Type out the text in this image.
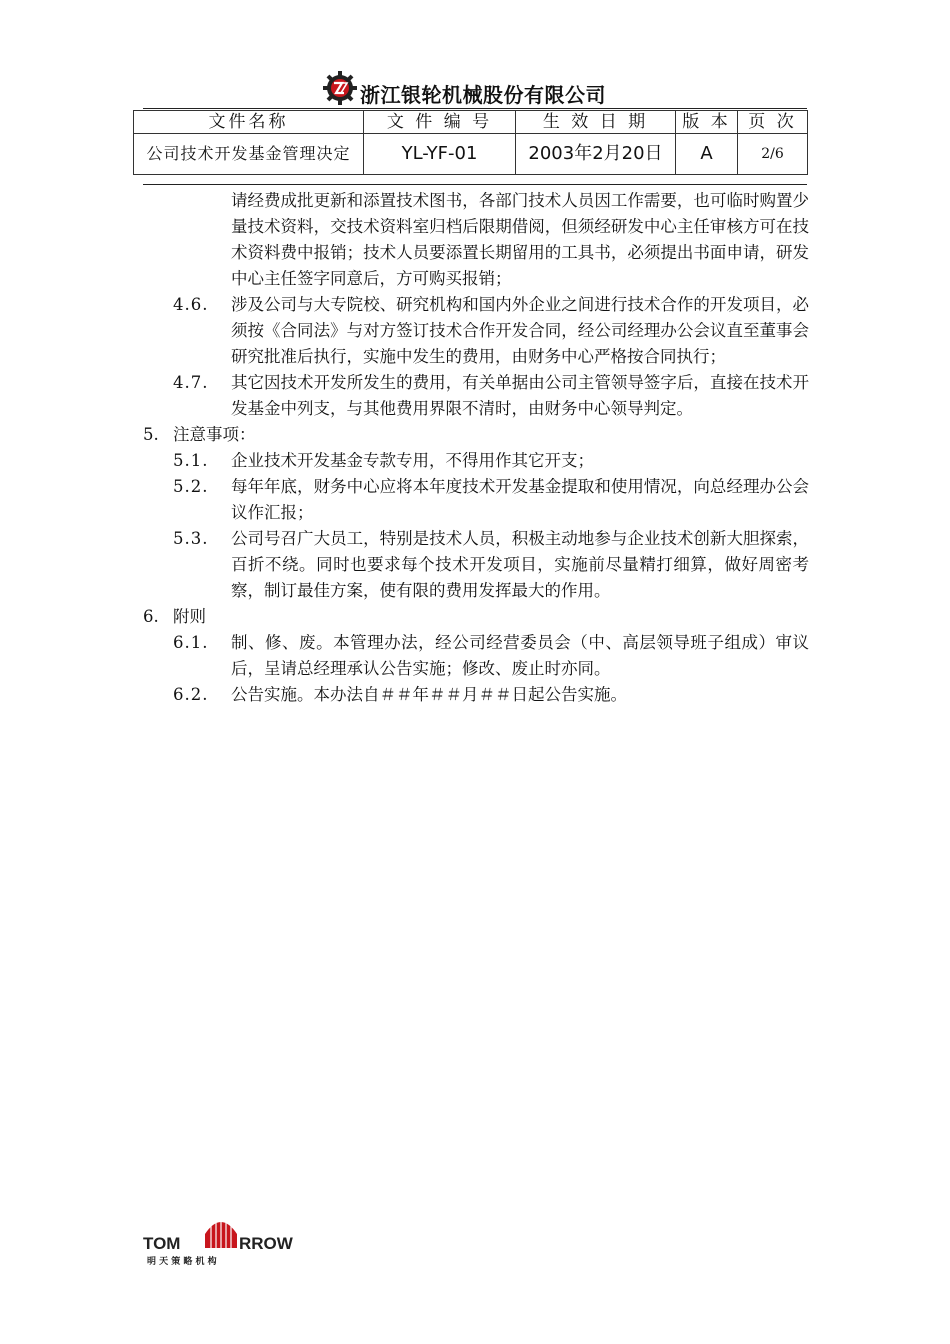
浙江银轮机械股份有限公司
文件名称	文 件 编 号	生 效 日 期	版 本	页 次
公司技术开发基金管理决定	YL-YF-01	2003年2月20日	A	2/6
请经费成批更新和添置技术图书，各部门技术人员因工作需要，也可临时购置少量技术资料，交技术资料室归档后限期借阅，但须经研发中心主任审核方可在技术资料费中报销；技术人员要添置长期留用的工具书，必须提出书面申请，研发中心主任签字同意后，方可购买报销；
4.6.	涉及公司与大专院校、研究机构和国内外企业之间进行技术合作的开发项目，必须按《合同法》与对方签订技术合作开发合同，经公司经理办公会议直至董事会研究批准后执行，实施中发生的费用，由财务中心严格按合同执行；
4.7.	其它因技术开发所发生的费用，有关单据由公司主管领导签字后，直接在技术开发基金中列支，与其他费用界限不清时，由财务中心领导判定。
5. 注意事项：
5.1.	企业技术开发基金专款专用，不得用作其它开支；
5.2.	每年年底，财务中心应将本年度技术开发基金提取和使用情况，向总经理办公会议作汇报；
5.3.	公司号召广大员工，特别是技术人员，积极主动地参与企业技术创新大胆探索，百折不绕。同时也要求每个技术开发项目，实施前尽量精打细算，做好周密考察，制订最佳方案，使有限的费用发挥最大的作用。
6. 附则
6.1.	制、修、废。本管理办法，经公司经营委员会（中、高层领导班子组成）审议后，呈请总经理承认公告实施；修改、废止时亦同。
6.2.	公告实施。本办法自＃＃年＃＃月＃＃日起公告实施。
TOM	RROW
明 天 策 略 机 构
